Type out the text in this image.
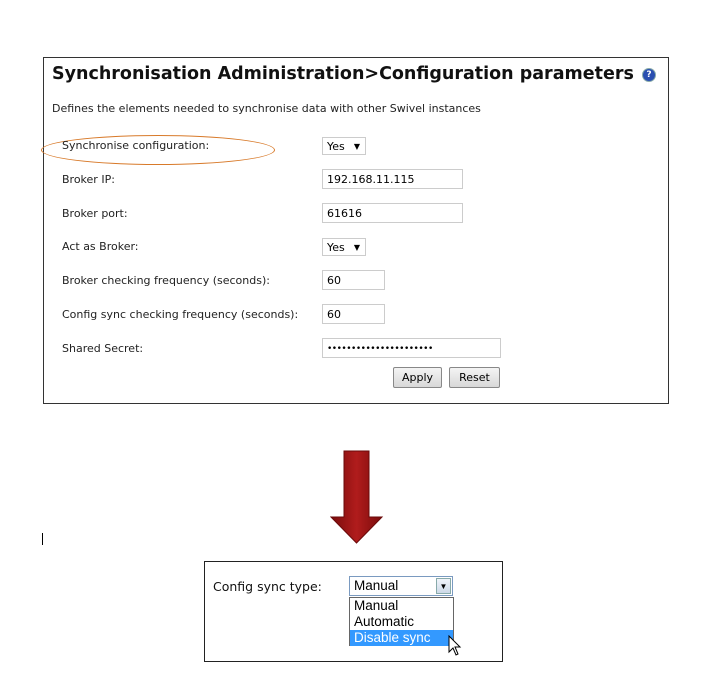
Synchronisation Administration>Configuration parameters	?
Defines the elements needed to synchronise data with other Swivel instances
Synchronise configuration:	Yes ▼
Broker IP:	192.168.11.115
Broker port:	61616
Act as Broker:	Yes ▼
Broker checking frequency (seconds):	60
Config sync checking frequency (seconds):	60
Shared Secret:	••••••••••••••••••••••
Apply	Reset
Config sync type:	Manual	▼
Manual
Automatic
Disable sync
